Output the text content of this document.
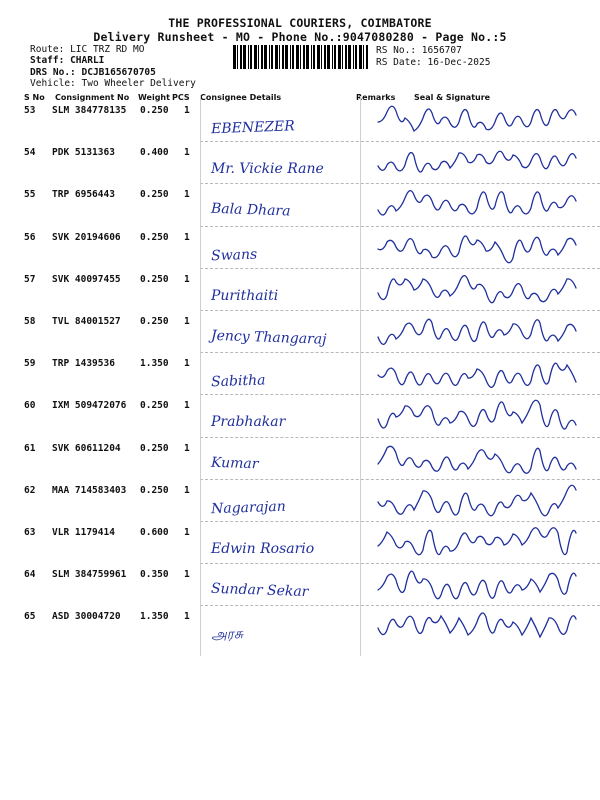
THE PROFESSIONAL COURIERS, COIMBATORE
Delivery Runsheet - MO - Phone No.:9047080280 - Page No.:5
Route: LIC TRZ RD MO
Staff: CHARLI
DRS No.: DCJB165670705
Vehicle: Two Wheeler Delivery
RS No.: 1656707
RS Date: 16-Dec-2025
S No Consignment No Weight PCS Consignee Details	Remarks Seal & Signature
53 SLM 384778135 0.250 1
EBENEZER
54 PDK 5131363	0.400 1
Mr. Vickie Rane
55 TRP 6956443	0.250 1
Bala Dhara
56 SVK 20194606 0.250 1
Swans
57 SVK 40097455 0.250 1
Purithaiti
58 TVL 84001527 0.250 1
Jency Thangaraj
59 TRP 1439536	1.350 1
Sabitha
60 IXM 509472076 0.250 1
Prabhakar
61 SVK 60611204 0.250 1
Kumar
62 MAA 714583403 0.250 1
Nagarajan
63 VLR 1179414	0.600 1
Edwin Rosario
64 SLM 384759961 0.350 1
Sundar Sekar
65 ASD 30004720 1.350 1
அரசு
